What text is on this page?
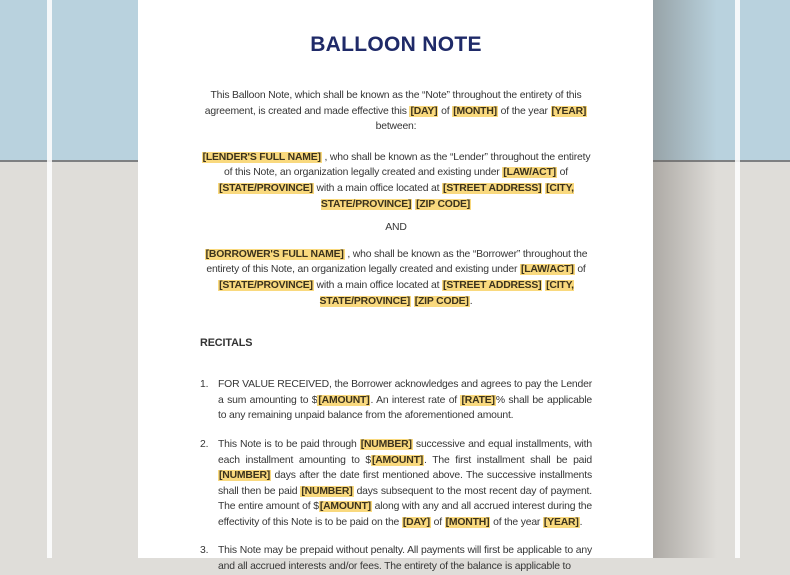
BALLOON NOTE

This Balloon Note, which shall be known as the “Note” throughout the entirety of this agreement, is created and made effective this [DAY] of [MONTH] of the year [YEAR]
between:

[LENDER'S FULL NAME] , who shall be known as the “Lender” throughout the entirety of this Note, an organization legally created and existing under [LAW/ACT] of [STATE/PROVINCE] with a main office located at [STREET ADDRESS] [CITY, STATE/PROVINCE] [ZIP CODE]

AND

[BORROWER'S FULL NAME] , who shall be known as the “Borrower” throughout the entirety of this Note, an organization legally created and existing under [LAW/ACT] of [STATE/PROVINCE] with a main office located at [STREET ADDRESS] [CITY, STATE/PROVINCE] [ZIP CODE].

RECITALS
1. FOR VALUE RECEIVED, the Borrower acknowledges and agrees to pay the Lender a sum amounting to $[AMOUNT]. An interest rate of [RATE]% shall be applicable to any remaining unpaid balance from the aforementioned amount.
2. This Note is to be paid through [NUMBER] successive and equal installments, with each installment amounting to $[AMOUNT]. The first installment shall be paid [NUMBER] days after the date first mentioned above. The successive installments shall then be paid [NUMBER] days subsequent to the most recent day of payment. The entire amount of $[AMOUNT] along with any and all accrued interest during the effectivity of this Note is to be paid on the [DAY] of [MONTH] of the year [YEAR].
3. This Note may be prepaid without penalty. All payments will first be applicable to any and all accrued interests and/or fees. The entirety of the balance is applicable to
